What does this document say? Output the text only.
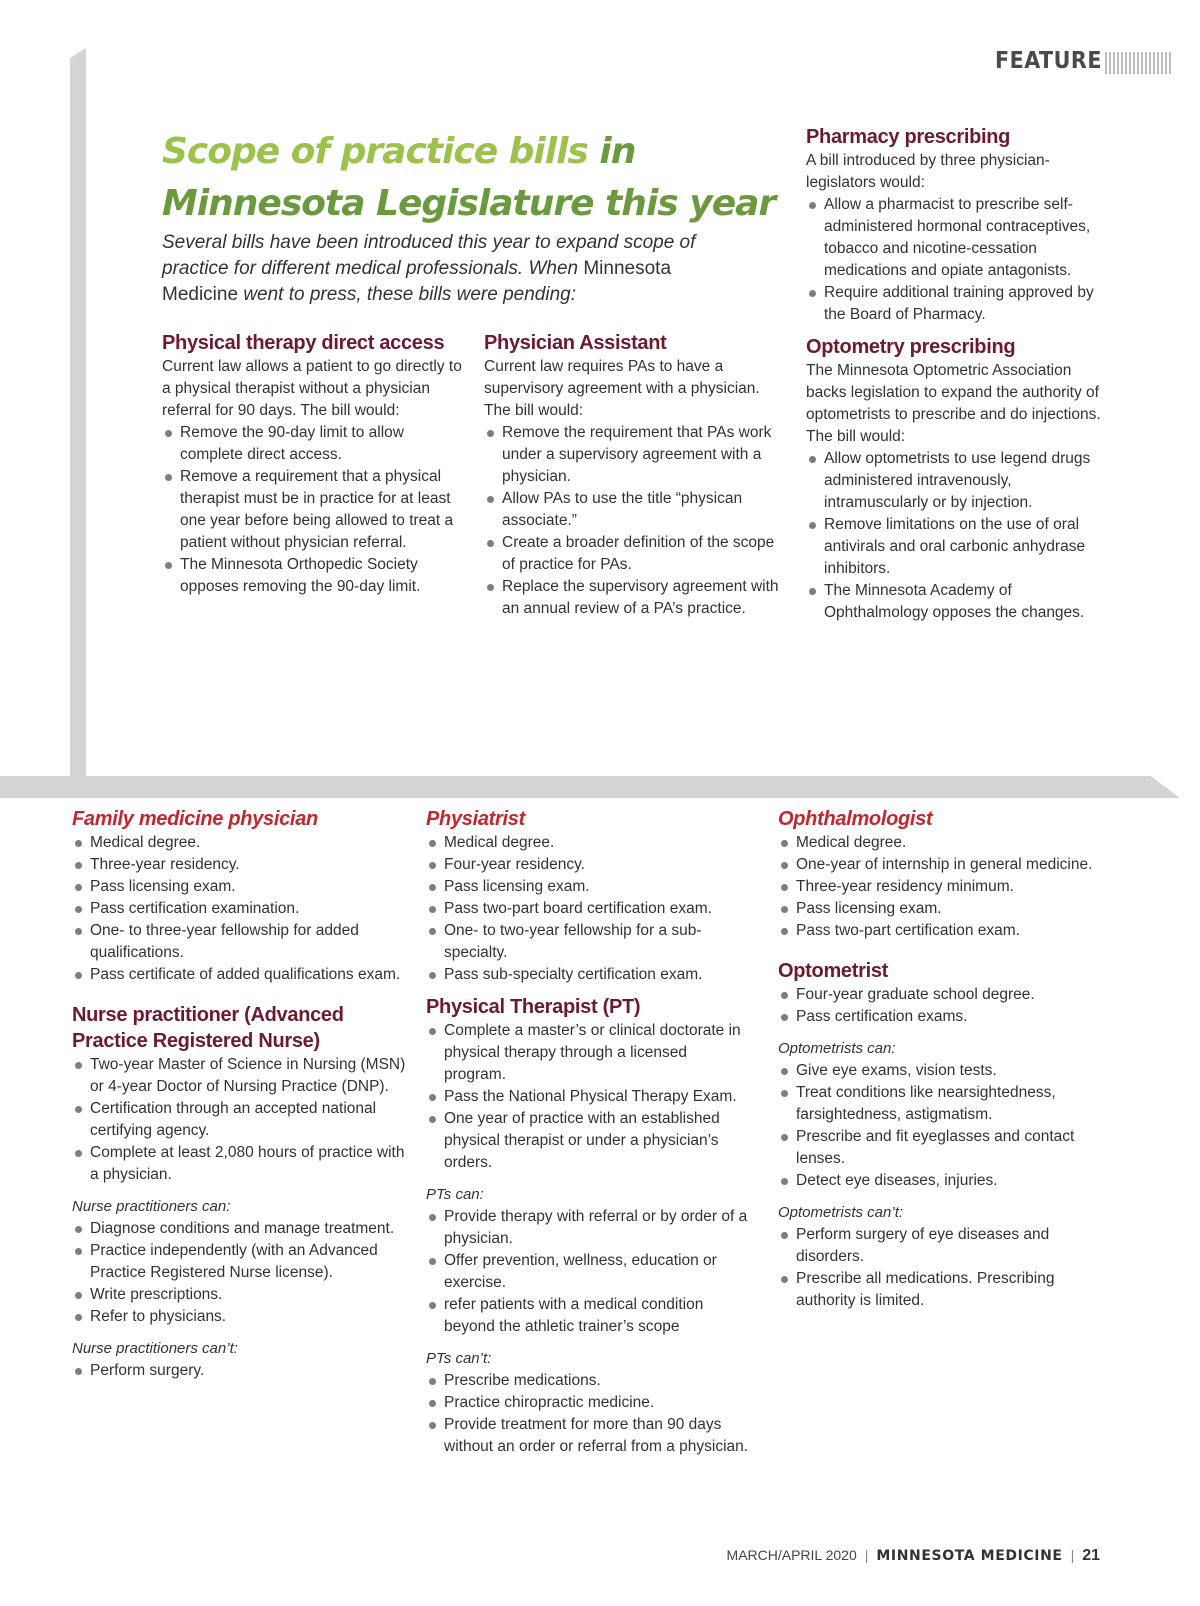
FEATURE
Scope of practice bills in
Minnesota Legislature this year
Several bills have been introduced this year to expand scope of practice for different medical professionals. When Minnesota Medicine went to press, these bills were pending:

Physical therapy direct access

Current law allows a patient to go directly to a physical therapist without a physician referral for 90 days. The bill would:

Remove the 90-day limit to allow complete direct access.
Remove a requirement that a physical therapist must be in practice for at least one year before being allowed to treat a patient without physician referral.
The Minnesota Orthopedic Society opposes removing the 90-day limit.

Physician Assistant

Current law requires PAs to have a supervisory agreement with a physician. The bill would:

Remove the requirement that PAs work under a supervisory agreement with a physician.
Allow PAs to use the title “physican associate.”
Create a broader definition of the scope of practice for PAs.
Replace the supervisory agreement with an annual review of a PA’s practice.

Pharmacy prescribing

A bill introduced by three physician-legislators would:

Allow a pharmacist to prescribe self-administered hormonal contraceptives, tobacco and nicotine-cessation medications and opiate antagonists.
Require additional training approved by the Board of Pharmacy.

Optometry prescribing

The Minnesota Optometric Association backs legislation to expand the authority of optometrists to prescribe and do injections. The bill would:

Allow optometrists to use legend drugs administered intravenously, intramuscularly or by injection.
Remove limitations on the use of oral antivirals and oral carbonic anhydrase inhibitors.
The Minnesota Academy of Ophthalmology opposes the changes.

Family medicine physician

Medical degree.
Three-year residency.
Pass licensing exam.
Pass certification examination.
One- to three-year fellowship for added qualifications.
Pass certificate of added qualifications exam.

Nurse practitioner (Advanced Practice Registered Nurse)

Two-year Master of Science in Nursing (MSN) or 4-year Doctor of Nursing Practice (DNP).
Certification through an accepted national certifying agency.
Complete at least 2,080 hours of practice with a physician.

Nurse practitioners can:

Diagnose conditions and manage treatment.
Practice independently (with an Advanced Practice Registered Nurse license).
Write prescriptions.
Refer to physicians.

Nurse practitioners can’t:

Perform surgery.

Physiatrist

Medical degree.
Four-year residency.
Pass licensing exam.
Pass two-part board certification exam.
One- to two-year fellowship for a sub-specialty.
Pass sub-specialty certification exam.

Physical Therapist (PT)

Complete a master’s or clinical doctorate in physical therapy through a licensed program.
Pass the National Physical Therapy Exam.
One year of practice with an established physical therapist or under a physician’s orders.

PTs can:

Provide therapy with referral or by order of a physician.
Offer prevention, wellness, education or exercise.
refer patients with a medical condition beyond the athletic trainer’s scope

PTs can’t:

Prescribe medications.
Practice chiropractic medicine.
Provide treatment for more than 90 days without an order or referral from a physician.

Ophthalmologist

Medical degree.
One-year of internship in general medicine.
Three-year residency minimum.
Pass licensing exam.
Pass two-part certification exam.

Optometrist

Four-year graduate school degree.
Pass certification exams.

Optometrists can:

Give eye exams, vision tests.
Treat conditions like nearsightedness, farsightedness, astigmatism.
Prescribe and fit eyeglasses and contact lenses.
Detect eye diseases, injuries.

Optometrists can’t:

Perform surgery of eye diseases and disorders.
Prescribe all medications. Prescribing authority is limited.
MARCH/APRIL 2020 | MINNESOTA MEDICINE | 21
